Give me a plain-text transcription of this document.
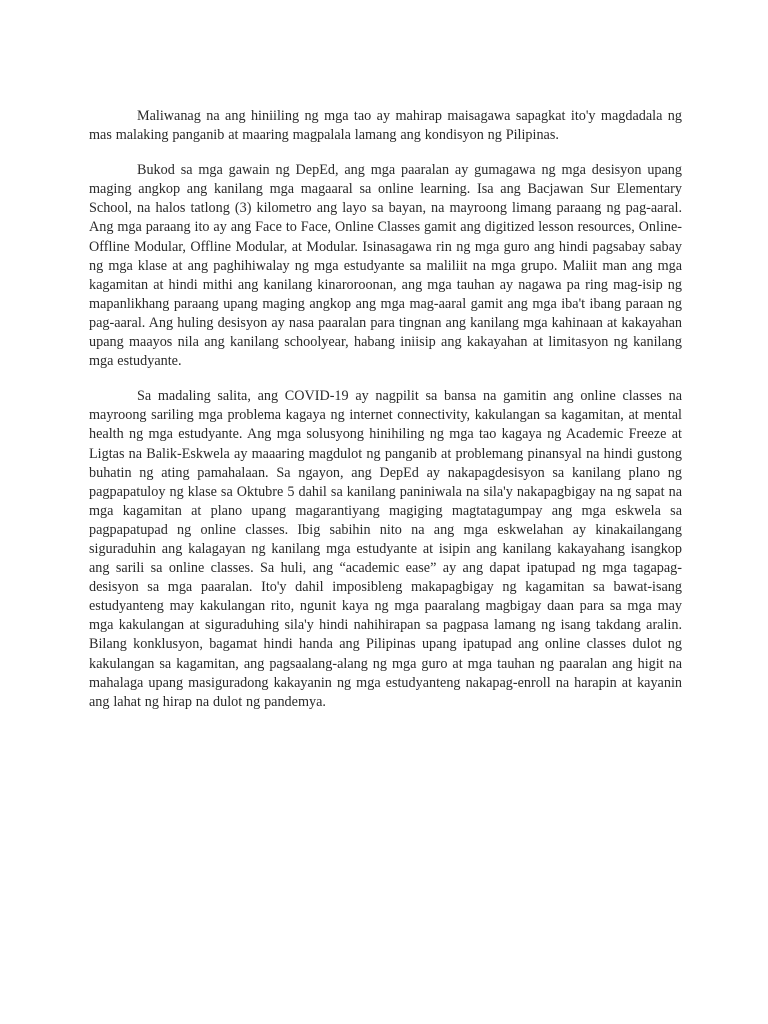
Maliwanag na ang hiniiling ng mga tao ay mahirap maisagawa sapagkat ito'y magdadala ng mas malaking panganib at maaring magpalala lamang ang kondisyon ng Pilipinas.

Bukod sa mga gawain ng DepEd, ang mga paaralan ay gumagawa ng mga desisyon upang maging angkop ang kanilang mga magaaral sa online learning. Isa ang Bacjawan Sur Elementary School, na halos tatlong (3) kilometro ang layo sa bayan, na mayroong limang paraang ng pag-aaral. Ang mga paraang ito ay ang Face to Face, Online Classes gamit ang digitized lesson resources, Online-Offline Modular, Offline Modular, at Modular. Isinasagawa rin ng mga guro ang hindi pagsabay sabay ng mga klase at ang paghihiwalay ng mga estudyante sa maliliit na mga grupo. Maliit man ang mga kagamitan at hindi mithi ang kanilang kinaroroonan, ang mga tauhan ay nagawa pa ring mag-isip ng mapanlikhang paraang upang maging angkop ang mga mag-aaral gamit ang mga iba't ibang paraan ng pag-aaral. Ang huling desisyon ay nasa paaralan para tingnan ang kanilang mga kahinaan at kakayahan upang maayos nila ang kanilang schoolyear, habang iniisip ang kakayahan at limitasyon ng kanilang mga estudyante.

Sa madaling salita, ang COVID-19 ay nagpilit sa bansa na gamitin ang online classes na mayroong sariling mga problema kagaya ng internet connectivity, kakulangan sa kagamitan, at mental health ng mga estudyante. Ang mga solusyong hinihiling ng mga tao kagaya ng Academic Freeze at Ligtas na Balik-Eskwela ay maaaring magdulot ng panganib at problemang pinansyal na hindi gustong buhatin ng ating pamahalaan. Sa ngayon, ang DepEd ay nakapagdesisyon sa kanilang plano ng pagpapatuloy ng klase sa Oktubre 5 dahil sa kanilang paniniwala na sila'y nakapagbigay na ng sapat na mga kagamitan at plano upang magarantiyang magiging magtatagumpay ang mga eskwela sa pagpapatupad ng online classes. Ibig sabihin nito na ang mga eskwelahan ay kinakailangang siguraduhin ang kalagayan ng kanilang mga estudyante at isipin ang kanilang kakayahang isangkop ang sarili sa online classes. Sa huli, ang “academic ease” ay ang dapat ipatupad ng mga tagapag-desisyon sa mga paaralan. Ito'y dahil imposibleng makapagbigay ng kagamitan sa bawat-isang estudyanteng may kakulangan rito, ngunit kaya ng mga paaralang magbigay daan para sa mga may mga kakulangan at siguraduhing sila'y hindi nahihirapan sa pagpasa lamang ng isang takdang aralin. Bilang konklusyon, bagamat hindi handa ang Pilipinas upang ipatupad ang online classes dulot ng kakulangan sa kagamitan, ang pagsaalang-alang ng mga guro at mga tauhan ng paaralan ang higit na mahalaga upang masiguradong kakayanin ng mga estudyanteng nakapag-enroll na harapin at kayanin ang lahat ng hirap na dulot ng pandemya.
